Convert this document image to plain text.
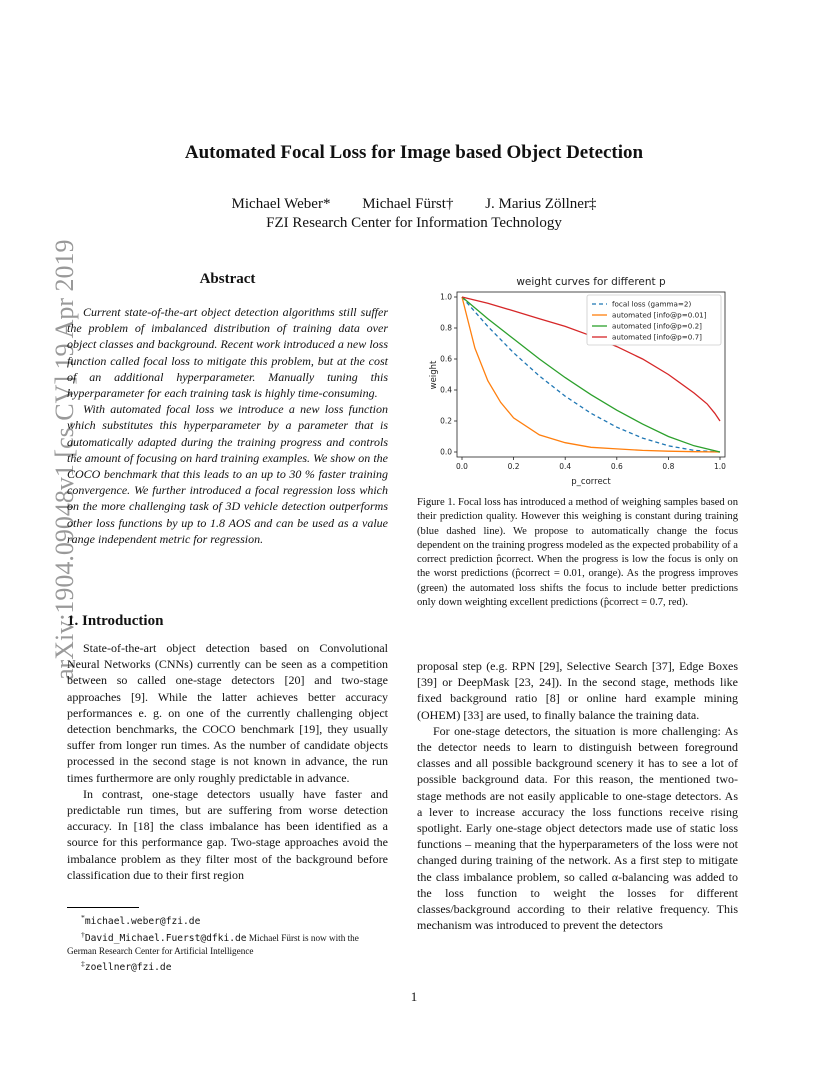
Automated Focal Loss for Image based Object Detection
Michael Weber* Michael Fürst† J. Marius Zöllner‡
FZI Research Center for Information Technology
arXiv:1904.09048v1 [cs.CV] 19 Apr 2019	Abstract

Current state-of-the-art object detection algorithms still suffer the problem of imbalanced distribution of training data over object classes and background. Recent work introduced a new loss function called focal loss to mitigate this problem, but at the cost of an additional hyperparameter. Manually tuning this hyperparameter for each training task is highly time-consuming.

With automated focal loss we introduce a new loss function which substitutes this hyperparameter by a parameter that is automatically adapted during the training progress and controls the amount of focusing on hard training examples. We show on the COCO benchmark that this leads to an up to 30 % faster training convergence. We further introduced a focal regression loss which on the more challenging task of 3D vehicle detection outperforms other loss functions by up to 1.8 AOS and can be used as a value range independent metric for regression.

1. Introduction

State-of-the-art object detection based on Convolutional Neural Networks (CNNs) currently can be seen as a competition between so called one-stage detectors [20] and two-stage approaches [9]. While the latter achieves better accuracy performances e. g. on one of the currently challenging object detection benchmarks, the COCO benchmark [19], they usually suffer from longer run times. As the number of candidate objects processed in the second stage is not known in advance, the run times furthermore are only roughly predictable in advance.

In contrast, one-stage detectors usually have faster and predictable run times, but are suffering from worse detection accuracy. In [18] the class imbalance has been identified as a source for this performance gap. Two-stage approaches avoid the imbalance problem as they filter most of the background before classification due to their first region

*michael.weber@fzi.de
†David_Michael.Fuerst@dfki.de Michael Fürst is now with the German Research Center for Artificial Intelligence
‡zoellner@fzi.de
weight curves for different p
p_correct
weight
0.0	0.2	0.4	0.6	0.8	1.0
0.0
0.2
0.4
0.6
0.8
1.0
focal loss (gamma=2)
automated [info@p=0.01]
automated [info@p=0.2]
automated [info@p=0.7]
Figure 1. Focal loss has introduced a method of weighing samples based on their prediction quality. However this weighing is constant during training (blue dashed line). We propose to automatically change the focus dependent on the training progress modeled as the expected probability of a correct prediction p̂correct. When the progress is low the focus is only on the worst predictions (p̂correct = 0.01, orange). As the progress improves (green) the automated loss shifts the focus to include better predictions only down weighting excellent predictions (p̂correct = 0.7, red).

proposal step (e.g. RPN [29], Selective Search [37], Edge Boxes [39] or DeepMask [23, 24]). In the second stage, methods like fixed background ratio [8] or online hard example mining (OHEM) [33] are used, to finally balance the training data.

For one-stage detectors, the situation is more challenging: As the detector needs to learn to distinguish between foreground classes and all possible background scenery it has to see a lot of possible background data. For this reason, the mentioned two-stage methods are not easily applicable to one-stage detectors. As a lever to increase accuracy the loss functions receive rising spotlight. Early one-stage object detectors made use of static loss functions – meaning that the hyperparameters of the loss were not changed during training of the network. As a first step to mitigate the class imbalance problem, so called α-balancing was added to the loss function to weight the losses for different classes/background according to their relative frequency. This mechanism was introduced to prevent the detectors

1
